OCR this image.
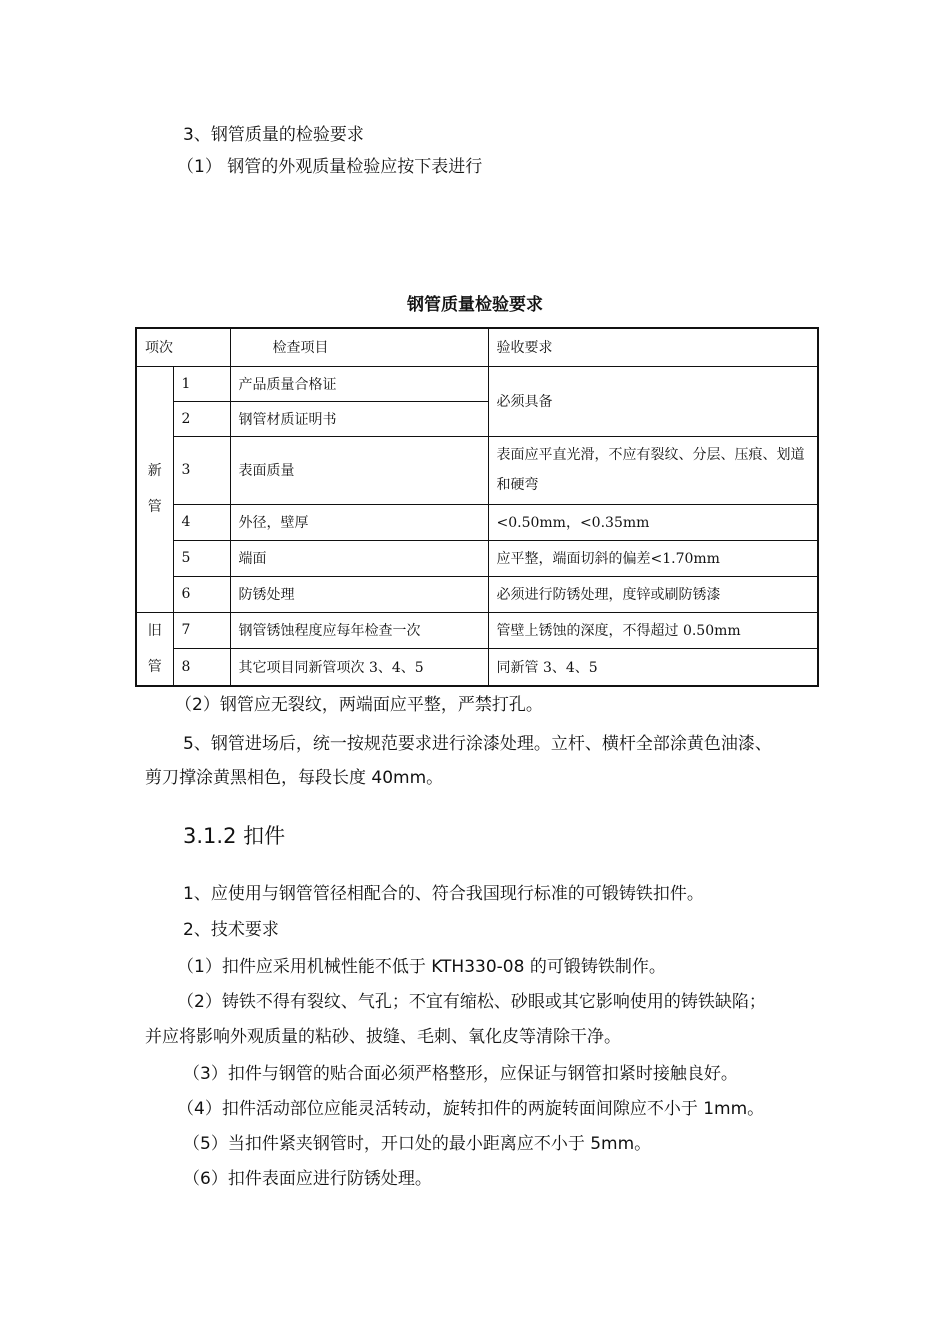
3、钢管质量的检验要求
（1） 钢管的外观质量检验应按下表进行
钢管质量检验要求
项次		检查项目	验收要求

新
管	1	产品质量合格证	必须具备
	2	钢管材质证明书	
	3	表面质量	表面应平直光滑，不应有裂纹、分层、压痕、划道和硬弯
	4	外径，壁厚	<0.50mm，<0.35mm
	5	端面	应平整，端面切斜的偏差<1.70mm
	6	防锈处理	必须进行防锈处理，度锌或刷防锈漆

旧
管	7	钢管锈蚀程度应每年检查一次	管壁上锈蚀的深度，不得超过 0.50mm
	8	其它项目同新管项次 3、4、5	同新管 3、4、5
（2）钢管应无裂纹，两端面应平整，严禁打孔。
5、钢管进场后，统一按规范要求进行涂漆处理。立杆、横杆全部涂黄色油漆、
剪刀撑涂黄黑相色，每段长度 40mm。
3.1.2 扣件
1、应使用与钢管管径相配合的、符合我国现行标准的可锻铸铁扣件。
2、技术要求
（1）扣件应采用机械性能不低于 KTH330-08 的可锻铸铁制作。
（2）铸铁不得有裂纹、气孔；不宜有缩松、砂眼或其它影响使用的铸铁缺陷；
并应将影响外观质量的粘砂、披缝、毛刺、氧化皮等清除干净。
（3）扣件与钢管的贴合面必须严格整形，应保证与钢管扣紧时接触良好。
（4）扣件活动部位应能灵活转动，旋转扣件的两旋转面间隙应不小于 1mm。
（5）当扣件紧夹钢管时，开口处的最小距离应不小于 5mm。
（6）扣件表面应进行防锈处理。
